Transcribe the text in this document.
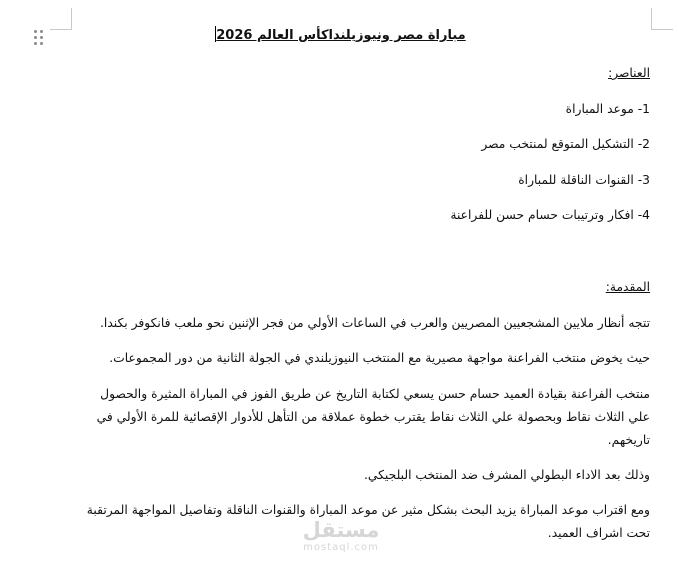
مباراة مصر ونيوزيلنداكأس العالم 2026
العناصر:
1- موعد المباراة
2- التشكيل المتوقع لمنتخب مصر
3- القنوات الناقلة للمباراة
4- افكار وترتيبات حسام حسن للفراعنة
المقدمة:
تتجه أنظار ملايين المشجعيين المصريين والعرب في الساعات الأولي من فجر الإثنين نحو ملعب فانكوفر بكندا.
حيث يخوض منتخب الفراعنة مواجهة مصيرية مع المنتخب النيوزيلندي في الجولة الثانية من دور المجموعات.
منتخب الفراعنة بقيادة العميد حسام حسن يسعي لكتابة التاريخ عن طريق الفوز في المباراة المثيرة والحصول
علي الثلاث نقاط وبحصولة علي الثلاث نقاط يقترب خطوة عملاقة من التأهل للأدوار الإقصائية للمرة الأولي في
تاريخهم.
وذلك بعد الاداء البطولي المشرف ضد المنتخب البلجيكي.
ومع اقتراب موعد المباراة يزيد البحث بشكل مثير عن موعد المباراة والقنوات الناقلة وتفاصيل المواجهة المرتقبة
تحت اشراف العميد.
مستقل
mostaql.com
